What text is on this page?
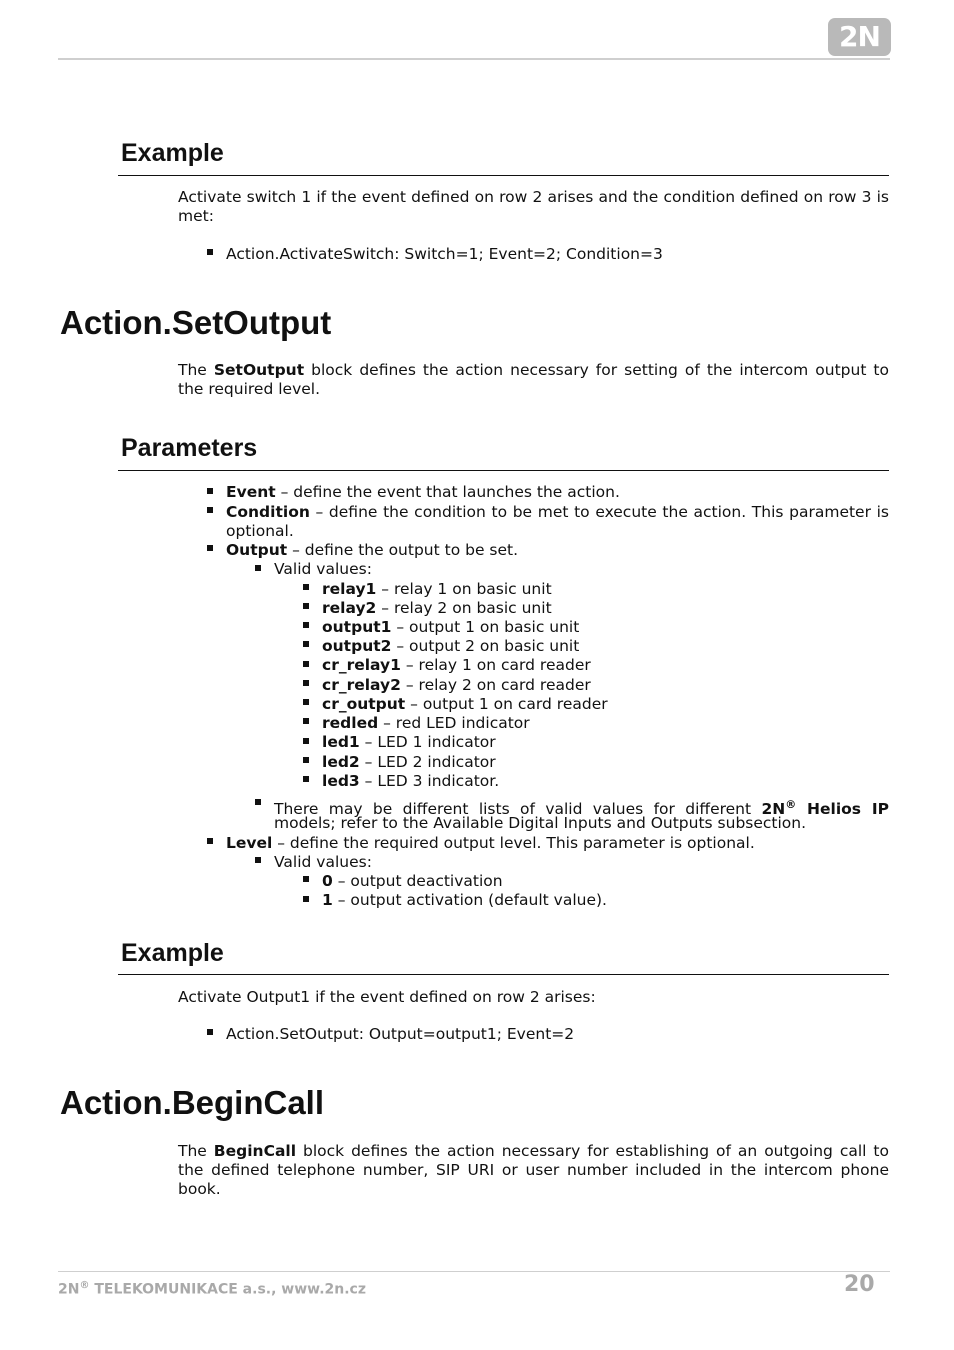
2N
Example

Activate switch 1 if the event defined on row 2 arises and the condition defined on row 3 is met:

Action.ActivateSwitch: Switch=1; Event=2; Condition=3

Action.SetOutput

The SetOutput block defines the action necessary for setting of the intercom output to the required level.

Parameters

Event – define the event that launches the action.

Condition – define the condition to be met to execute the action. This parameter is optional.

Output – define the output to be set.

Valid values:

relay1 – relay 1 on basic unit

relay2 – relay 2 on basic unit

output1 – output 1 on basic unit

output2 – output 2 on basic unit

cr_relay1 – relay 1 on card reader

cr_relay2 – relay 2 on card reader

cr_output – output 1 on card reader

redled – red LED indicator

led1 – LED 1 indicator

led2 – LED 2 indicator

led3 – LED 3 indicator.

There may be different lists of valid values for different 2N® Helios IP

models; refer to the Available Digital Inputs and Outputs subsection.

Level – define the required output level. This parameter is optional.

Valid values:

0 – output deactivation

1 – output activation (default value).

Example

Activate Output1 if the event defined on row 2 arises:

Action.SetOutput: Output=output1; Event=2

Action.BeginCall

The BeginCall block defines the action necessary for establishing of an outgoing call to the defined telephone number, SIP URI or user number included in the intercom phone book.

2N® TELEKOMUNIKACE a.s., www.2n.cz	20
